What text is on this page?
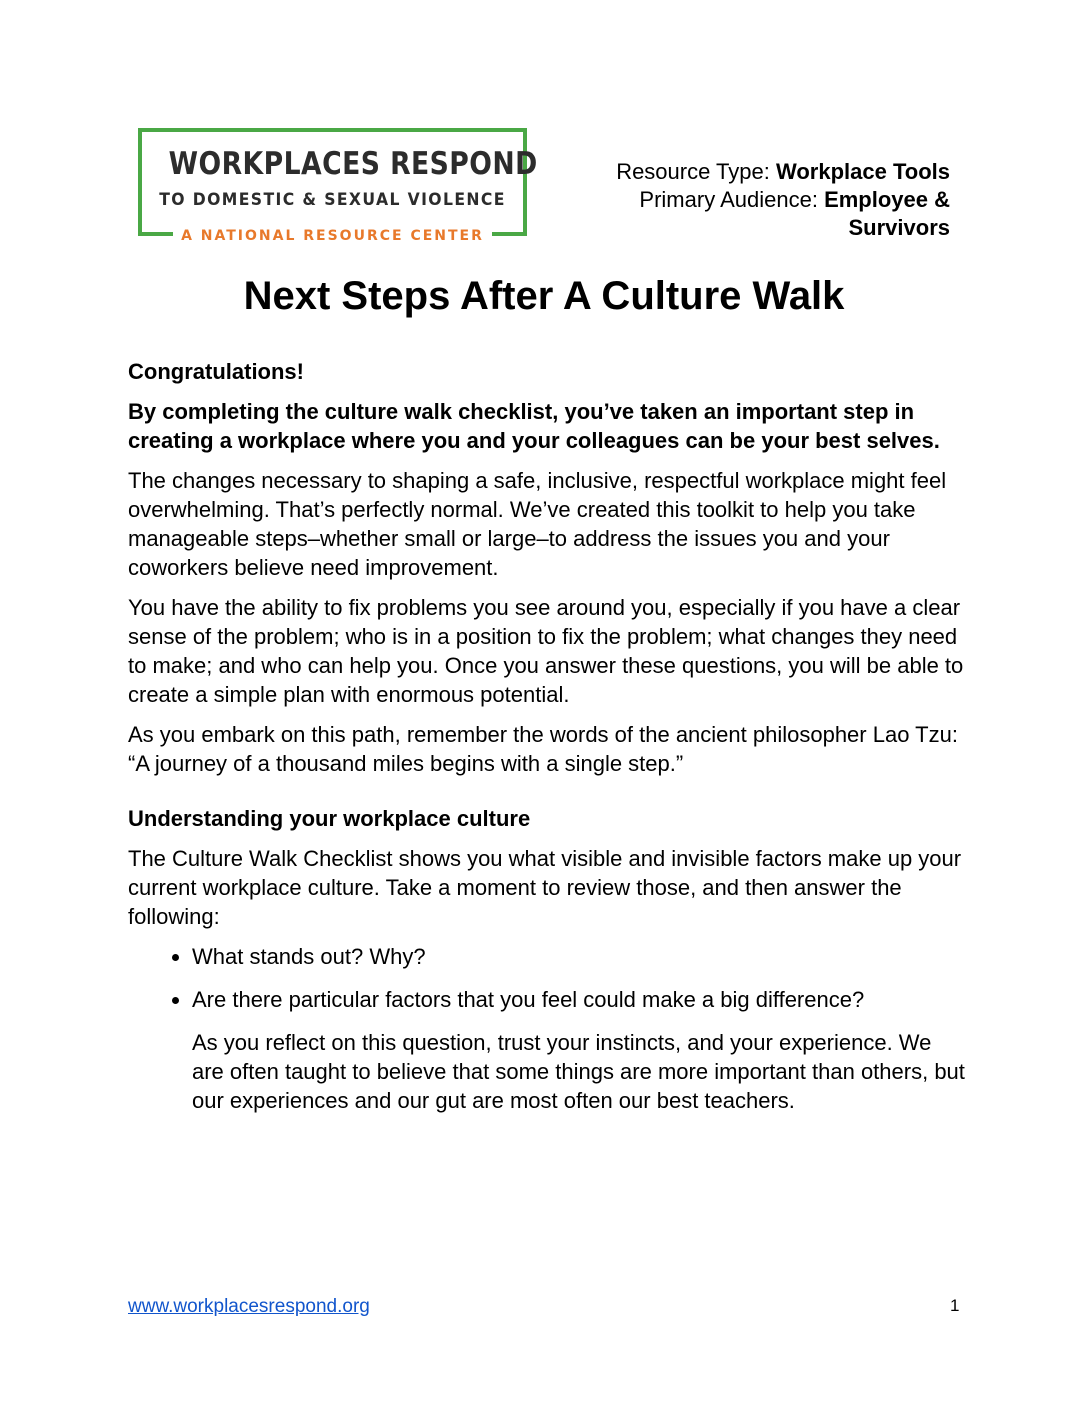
WORKPLACES RESPOND
TO DOMESTIC & SEXUAL VIOLENCE
A NATIONAL RESOURCE CENTER
Resource Type: Workplace Tools
Primary Audience: Employee &
Survivors
Next Steps After A Culture Walk

Congratulations!

By completing the culture walk checklist, you’ve taken an important step in creating a workplace where you and your colleagues can be your best selves.

The changes necessary to shaping a safe, inclusive, respectful workplace might feel overwhelming. That’s perfectly normal. We’ve created this toolkit to help you take manageable steps–whether small or large–to address the issues you and your coworkers believe need improvement.

You have the ability to fix problems you see around you, especially if you have a clear sense of the problem; who is in a position to fix the problem; what changes they need to make; and who can help you. Once you answer these questions, you will be able to create a simple plan with enormous potential.

As you embark on this path, remember the words of the ancient philosopher Lao Tzu: “A journey of a thousand miles begins with a single step.”

Understanding your workplace culture

The Culture Walk Checklist shows you what visible and invisible factors make up your current workplace culture. Take a moment to review those, and then answer the following:

• What stands out? Why?
• Are there particular factors that you feel could make a big difference?

As you reflect on this question, trust your instincts, and your experience. We are often taught to believe that some things are more important than others, but our experiences and our gut are most often our best teachers.

www.workplacesrespond.org	1
